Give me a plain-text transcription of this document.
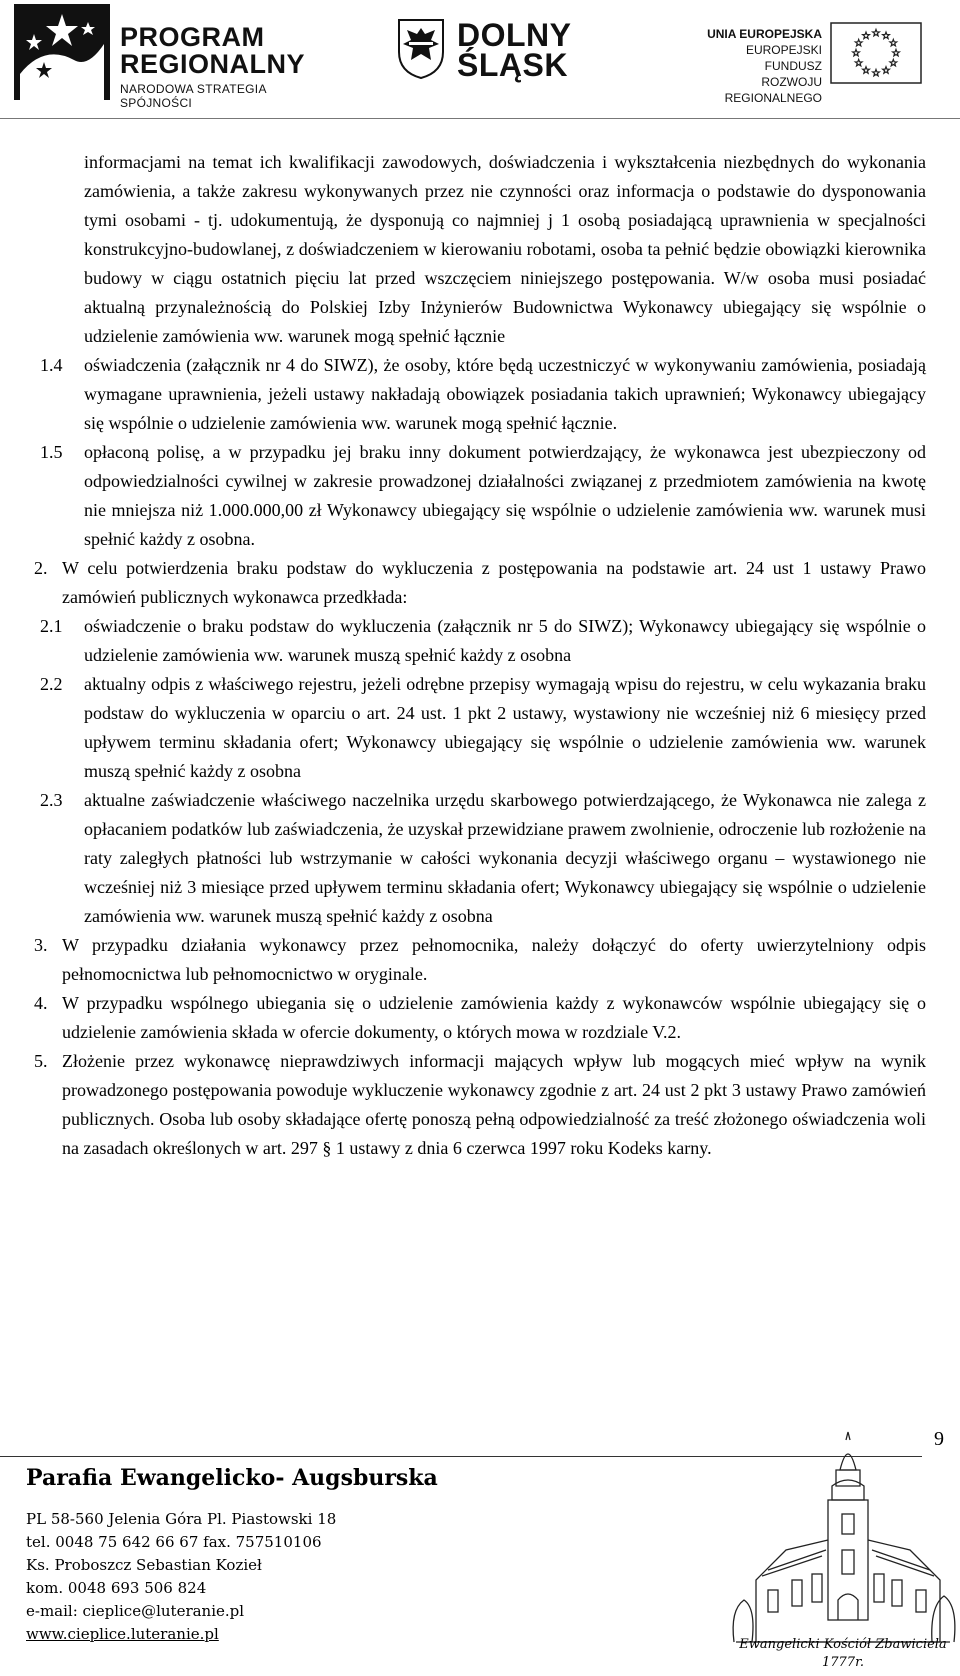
PROGRAM
REGIONALNY
NARODOWA STRATEGIA SPÓJNOŚCI
DOLNY
ŚLĄSK
UNIA EUROPEJSKA
EUROPEJSKI FUNDUSZ
ROZWOJU REGIONALNEGO

informacjami na temat ich kwalifikacji zawodowych, doświadczenia i wykształcenia niezbędnych do wykonania zamówienia, a także zakresu wykonywanych przez nie czynności oraz informacja o podstawie do dysponowania tymi osobami - tj. udokumentują, że dysponują co najmniej j 1 osobą posiadającą uprawnienia w specjalności konstrukcyjno-budowlanej, z doświadczeniem w kierowaniu robotami, osoba ta pełnić będzie obowiązki kierownika budowy w ciągu ostatnich pięciu lat przed wszczęciem niniejszego postępowania. W/w osoba musi posiadać aktualną przynależnością do Polskiej Izby Inżynierów Budownictwa Wykonawcy ubiegający się wspólnie o udzielenie zamówienia ww. warunek mogą spełnić łącznie

1.4 oświadczenia (załącznik nr 4 do SIWZ), że osoby, które będą uczestniczyć w wykonywaniu zamówienia, posiadają wymagane uprawnienia, jeżeli ustawy nakładają obowiązek posiadania takich uprawnień; Wykonawcy ubiegający się wspólnie o udzielenie zamówienia ww. warunek mogą spełnić łącznie.

1.5 opłaconą polisę, a w przypadku jej braku inny dokument potwierdzający, że wykonawca jest ubezpieczony od odpowiedzialności cywilnej w zakresie prowadzonej działalności związanej z przedmiotem zamówienia na kwotę nie mniejsza niż 1.000.000,00 zł Wykonawcy ubiegający się wspólnie o udzielenie zamówienia ww. warunek musi spełnić każdy z osobna.

2. W celu potwierdzenia braku podstaw do wykluczenia z postępowania na podstawie art. 24 ust 1 ustawy Prawo zamówień publicznych wykonawca przedkłada:

2.1 oświadczenie o braku podstaw do wykluczenia (załącznik nr 5 do SIWZ); Wykonawcy ubiegający się wspólnie o udzielenie zamówienia ww. warunek muszą spełnić każdy z osobna

2.2 aktualny odpis z właściwego rejestru, jeżeli odrębne przepisy wymagają wpisu do rejestru, w celu wykazania braku podstaw do wykluczenia w oparciu o art. 24 ust. 1 pkt 2 ustawy, wystawiony nie wcześniej niż 6 miesięcy przed upływem terminu składania ofert; Wykonawcy ubiegający się wspólnie o udzielenie zamówienia ww. warunek muszą spełnić każdy z osobna

2.3 aktualne zaświadczenie właściwego naczelnika urzędu skarbowego potwierdzającego, że Wykonawca nie zalega z opłacaniem podatków lub zaświadczenia, że uzyskał przewidziane prawem zwolnienie, odroczenie lub rozłożenie na raty zaległych płatności lub wstrzymanie w całości wykonania decyzji właściwego organu – wystawionego nie wcześniej niż 3 miesiące przed upływem terminu składania ofert; Wykonawcy ubiegający się wspólnie o udzielenie zamówienia ww. warunek muszą spełnić każdy z osobna

3. W przypadku działania wykonawcy przez pełnomocnika, należy dołączyć do oferty uwierzytelniony odpis pełnomocnictwa lub pełnomocnictwo w oryginale.

4. W przypadku wspólnego ubiegania się o udzielenie zamówienia każdy z wykonawców wspólnie ubiegający się o udzielenie zamówienia składa w ofercie dokumenty, o których mowa w rozdziale V.2.

5. Złożenie przez wykonawcę nieprawdziwych informacji mających wpływ lub mogących mieć wpływ na wynik prowadzonego postępowania powoduje wykluczenie wykonawcy zgodnie z art. 24 ust 2 pkt 3 ustawy Prawo zamówień publicznych. Osoba lub osoby składające ofertę ponoszą pełną odpowiedzialność za treść złożonego oświadczenia woli na zasadach określonych w art. 297 § 1 ustawy z dnia 6 czerwca 1997 roku Kodeks karny.

9
Parafia Ewangelicko- Augsburska
PL 58-560 Jelenia Góra Pl. Piastowski 18
tel. 0048 75 642 66 67 fax. 757510106
Ks. Proboszcz Sebastian Kozieł
kom. 0048 693 506 824
e-mail: cieplice@luteranie.pl
www.cieplice.luteranie.pl
Ewangelicki Kościół Zbawiciela
1777r.
